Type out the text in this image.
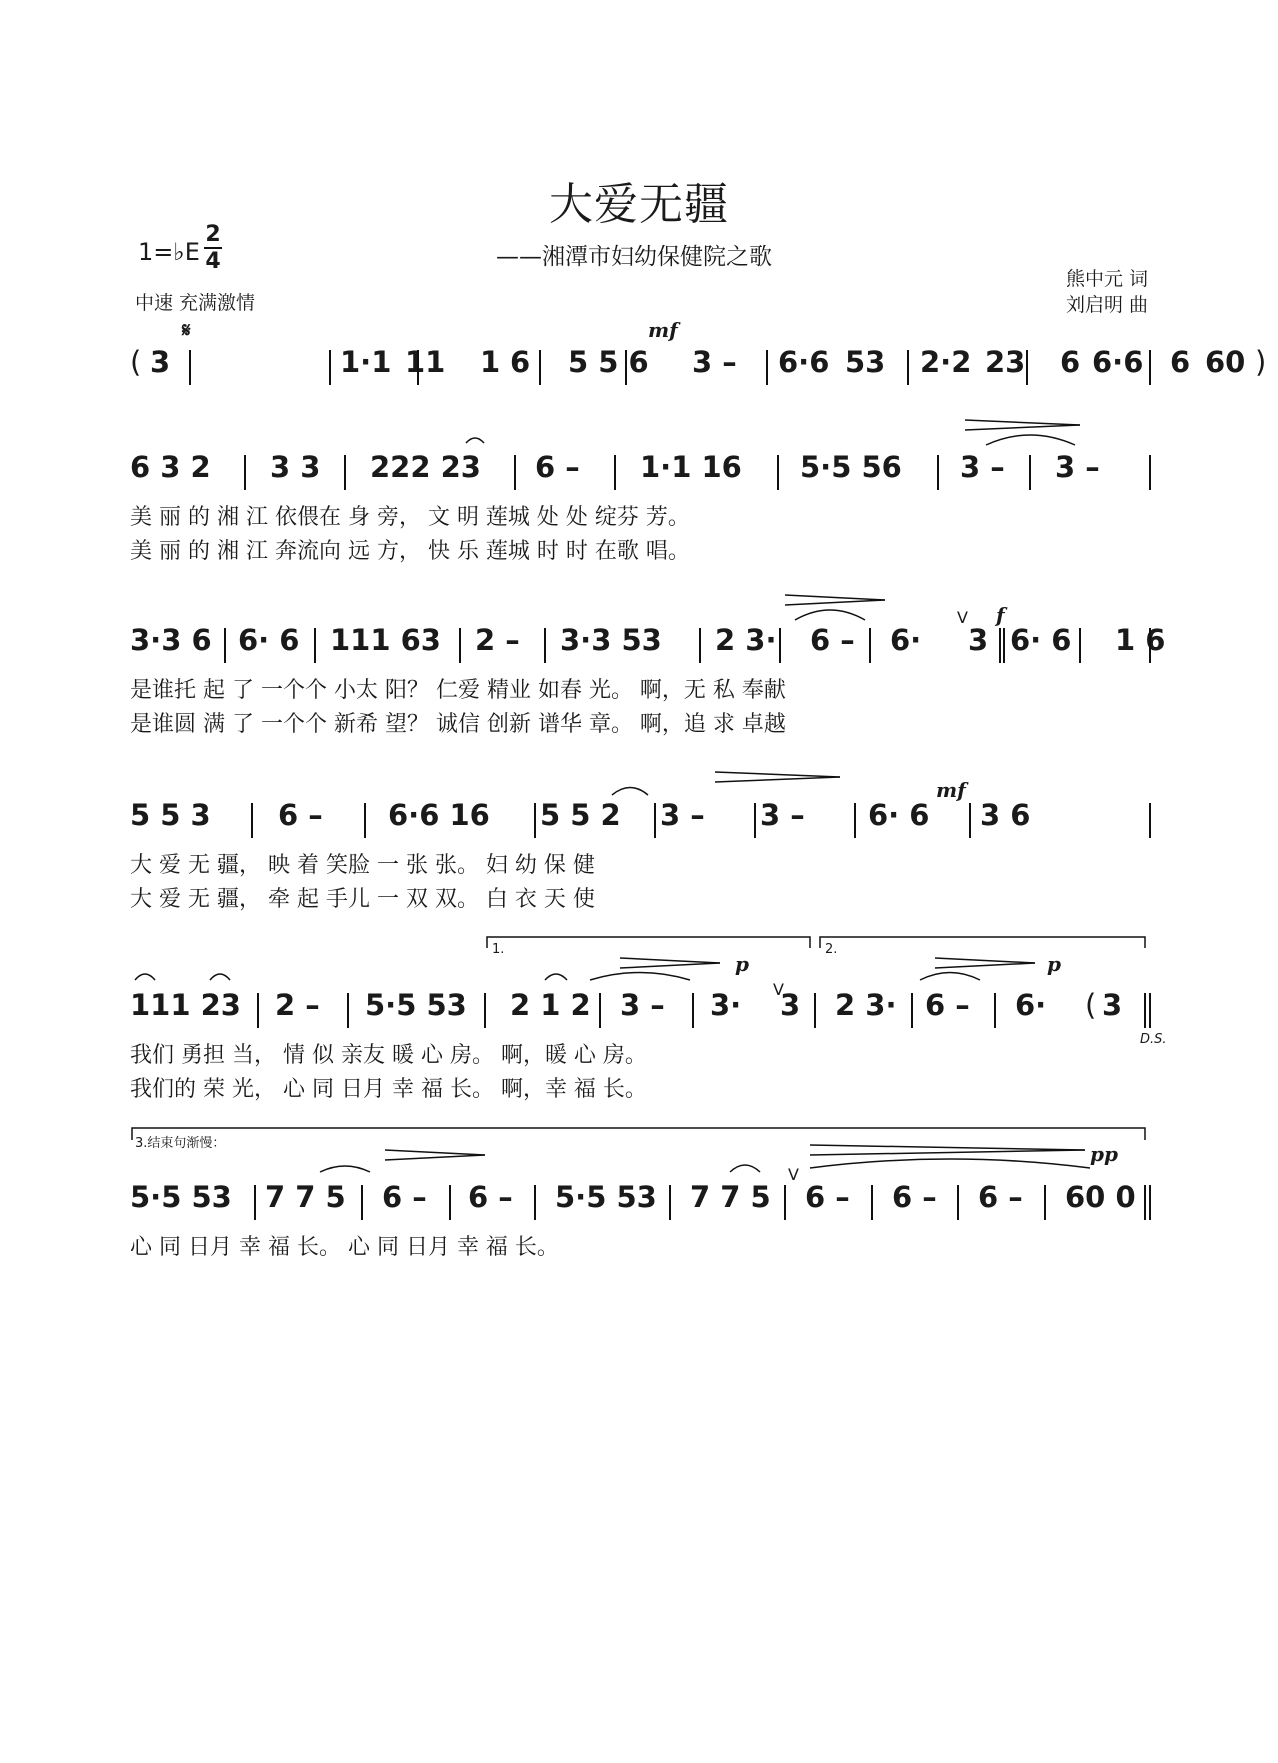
大爱无疆
——湘潭市妇幼保健院之歌
1=♭E
2
4
中速 充满激情
熊中元 词
刘启明 曲
( 3	1·1 11 1 6 5 5 6 3 – 6·6 53 2·2 23 6 6·6 6 60 )
6 3 2 3 3 222 23 6 – 1·1 16 5·5 56 3 – 3 –
美 丽 的 湘 江 依偎在 身 旁， 文 明 莲城 处 处 绽芬 芳。
美 丽 的 湘 江 奔流向 远 方， 快 乐 莲城 时 时 在歌 唱。
3·3 6 6· 6 111 63 2 – 3·3 53 2 3· 6 – 6· 3 6· 6 1 6
是谁托 起 了 一个个 小太 阳？ 仁爱 精业 如春 光。 啊，无 私 奉献
是谁圆 满 了 一个个 新希 望？ 诚信 创新 谱华 章。 啊，追 求 卓越
5 5 3 6 – 6·6 16 5 5 2 3 – 3 – 6· 6 3 6
大 爱 无 疆， 映 着 笑脸 一 张 张。 妇 幼 保 健
大 爱 无 疆， 牵 起 手儿 一 双 双。 白 衣 天 使
111 23 2 – 5·5 53 2 1 2 3 – 3· 3 2 3· 6 – 6· ( 3
我们 勇担 当， 情 似 亲友 暖 心 房。 啊，暖 心 房。
我们的 荣 光， 心 同 日月 幸 福 长。 啊，幸 福 长。
5·5 53 7 7 5 6 – 6 – 5·5 53 7 7 5 6 – 6 – 6 – 60 0
心 同 日月 幸 福 长。 心 同 日月 幸 福 长。
𝄋	mf
f
mf
p	p
pp
D.S.
1.	2.
3.结束句渐慢：
V
V
V
